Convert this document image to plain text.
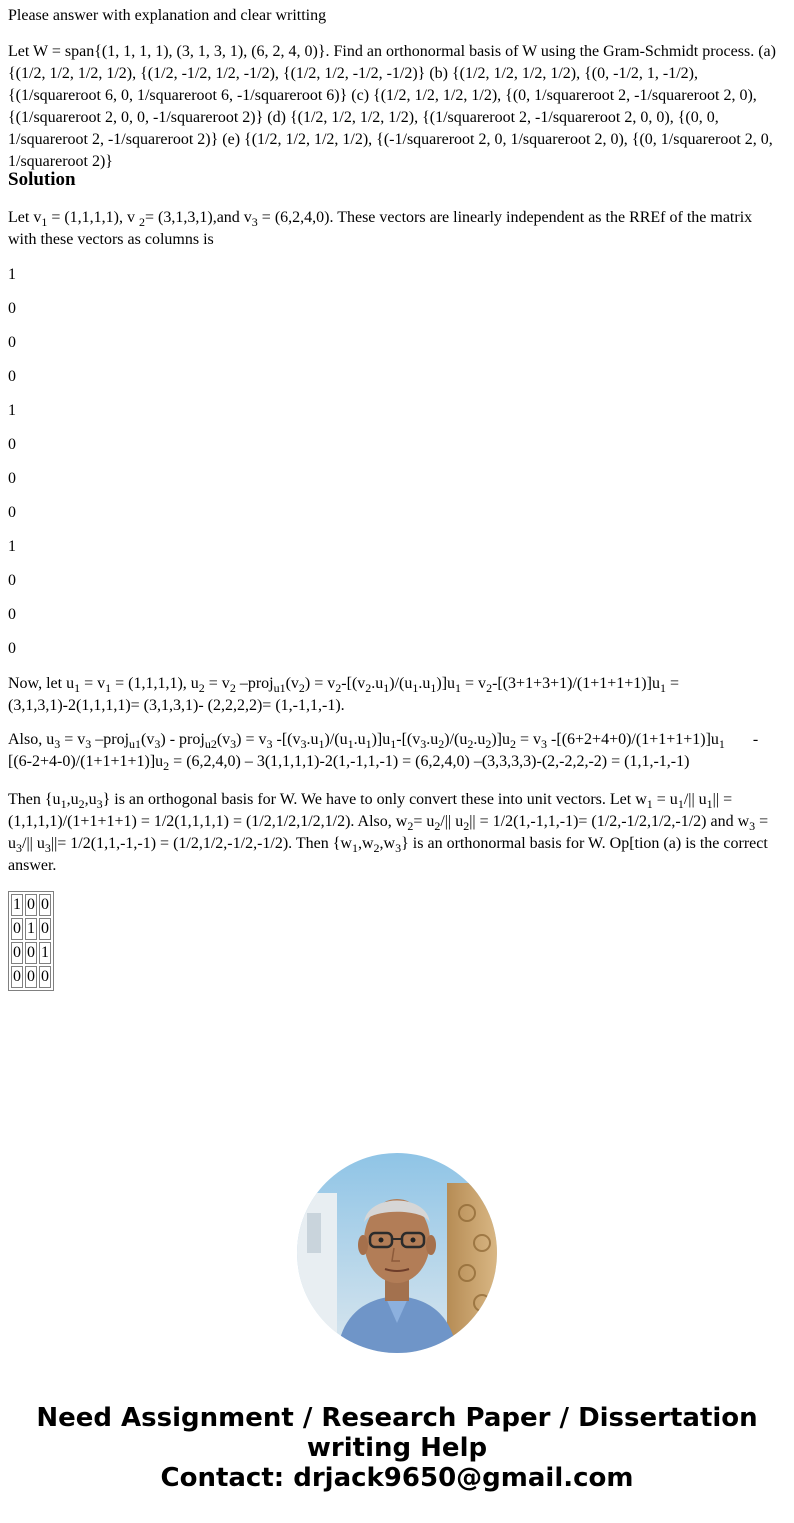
Please answer with explanation and clear writting

Let W = span{(1, 1, 1, 1), (3, 1, 3, 1), (6, 2, 4, 0)}. Find an orthonormal basis of W using the Gram-Schmidt process. (a) {(1/2, 1/2, 1/2, 1/2), {(1/2, -1/2, 1/2, -1/2), {(1/2, 1/2, -1/2, -1/2)} (b) {(1/2, 1/2, 1/2, 1/2), {(0, -1/2, 1, -1/2), {(1/squareroot 6, 0, 1/squareroot 6, -1/squareroot 6)} (c) {(1/2, 1/2, 1/2, 1/2), {(0, 1/squareroot 2, -1/squareroot 2, 0), {(1/squareroot 2, 0, 0, -1/squareroot 2)} (d) {(1/2, 1/2, 1/2, 1/2), {(1/squareroot 2, -1/squareroot 2, 0, 0), {(0, 0, 1/squareroot 2, -1/squareroot 2)} (e) {(1/2, 1/2, 1/2, 1/2), {(-1/squareroot 2, 0, 1/squareroot 2, 0), {(0, 1/squareroot 2, 0, 1/squareroot 2)}

Solution

Let $v_1 = (1,1,1,1)$, v $_2$= (3,1,3,1),and $v_3 = (6,2,4,0)$. These vectors are linearly independent as the RREf of the matrix with these vectors as columns is

1

0

0

0

1

0

0

0

1

0

0

0

Now, let $u_1 = v_1 = (1,1,1,1)$, $u_2 = v_2$ $-proj_{u1}(v_2) = v_2-[(v_2.u_1)/(u_1.u_1)]u_1 = v_2-[(3+1+3+1)/(1+1+1+1)]u_1 = (3,1,3,1)-2(1,1,1,1)= (3,1,3,1)-$ (2,2,2,2)= (1,-1,1,-1).

Also, $u_3 = v_3$ $-proj_{u1}(v_3)$ - $proj_{u2}(v_3) = v_3$ $-[(v_3.u_1)/(u_1.u_1)]u_1-[(v_3.u_2)/(u_2.u_2)]u_2 = v_3$ $-[(6+2+4+0)/(1+1+1+1)]u_1$       $-[(6-2+4-0)/(1+1+1+1)]u_2 = (6,2,4,0) - 3(1,1,1,1)-2(1,-1,1,-1) = (6,2,4,0) -(3,3,3,3)-(2,-2,2,-2) = (1,1,-1,-1)$

Then $\{u_1,u_2,u_3\}$ is an orthogonal basis for W. We have to only convert these into unit vectors. Let $w_1 = u_1/||$ $u_1|| = (1,1,1,1)/(1+1+1+1) = 1/2(1,1,1,1) = (1/2,1/2,1/2,1/2)$. Also, $w_2= u_2/||$ $u_2|| = 1/2(1,-1,1,-1)= (1/2,-1/2,1/2,-1/2)$ and $w_3 = u_3/||$ $u_3||= 1/2(1,1,-1,-1) = (1/2,1/2,-1/2,-1/2)$. Then $\{w_1,w_2,w_3\}$ is an orthonormal basis for W. Op[tion (a) is the correct answer.

1	0	0
0	1	0
0	0	1
0	0	0
Need Assignment / Research Paper / Dissertation
writing Help
Contact: drjack9650@gmail.com
